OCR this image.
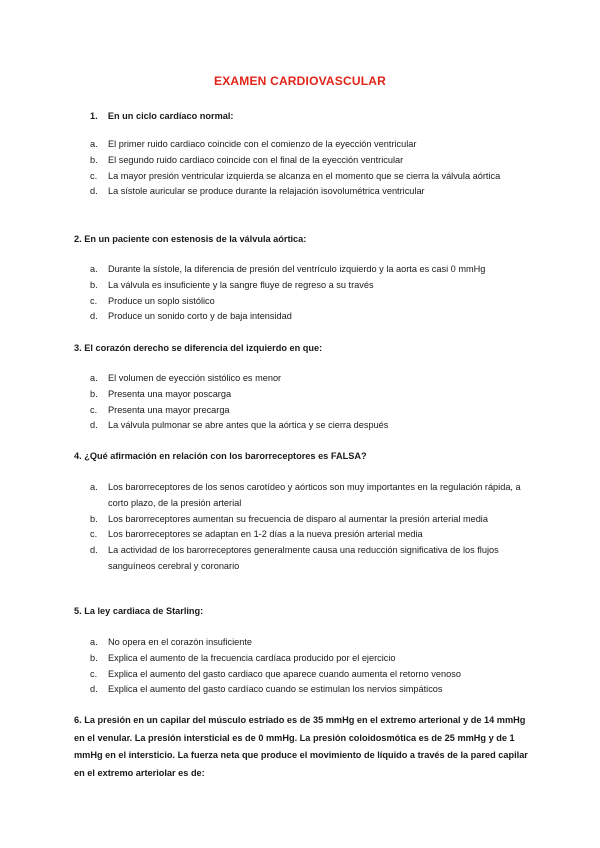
EXAMEN CARDIOVASCULAR
1. En un ciclo cardíaco normal:
a. El primer ruido cardiaco coincide con el comienzo de la eyección ventricular
b. El segundo ruido cardiaco coincide con el final de la eyección ventricular
c. La mayor presión ventricular izquierda se alcanza en el momento que se cierra la válvula aórtica
d. La sístole auricular se produce durante la relajación isovolumétrica ventricular
2. En un paciente con estenosis de la válvula aórtica:
a. Durante la sístole, la diferencia de presión del ventrículo izquierdo y la aorta es casi 0 mmHg
b. La válvula es insuficiente y la sangre fluye de regreso a su través
c. Produce un soplo sistólico
d. Produce un sonido corto y de baja intensidad
3. El corazón derecho se diferencia del izquierdo en que:
a. El volumen de eyección sistólico es menor
b. Presenta una mayor poscarga
c. Presenta una mayor precarga
d. La válvula pulmonar se abre antes que la aórtica y se cierra después
4. ¿Qué afirmación en relación con los barorreceptores es FALSA?
a. Los barorreceptores de los senos carotídeo y aórticos son muy importantes en la regulación rápida, a corto plazo, de la presión arterial
b. Los barorreceptores aumentan su frecuencia de disparo al aumentar la presión arterial media
c. Los barorreceptores se adaptan en 1-2 días a la nueva presión arterial media
d. La actividad de los barorreceptores generalmente causa una reducción significativa de los flujos sanguíneos cerebral y coronario
5. La ley cardiaca de Starling:
a. No opera en el corazón insuficiente
b. Explica el aumento de la frecuencia cardíaca producido por el ejercicio
c. Explica el aumento del gasto cardiaco que aparece cuando aumenta el retorno venoso
d. Explica el aumento del gasto cardíaco cuando se estimulan los nervios simpáticos
6. La presión en un capilar del músculo estriado es de 35 mmHg en el extremo arterional y de 14 mmHg en el venular. La presión intersticial es de 0 mmHg. La presión coloidosmótica es de 25 mmHg y de 1 mmHg en el intersticio. La fuerza neta que produce el movimiento de líquido a través de la pared capilar en el extremo arteriolar es de:
